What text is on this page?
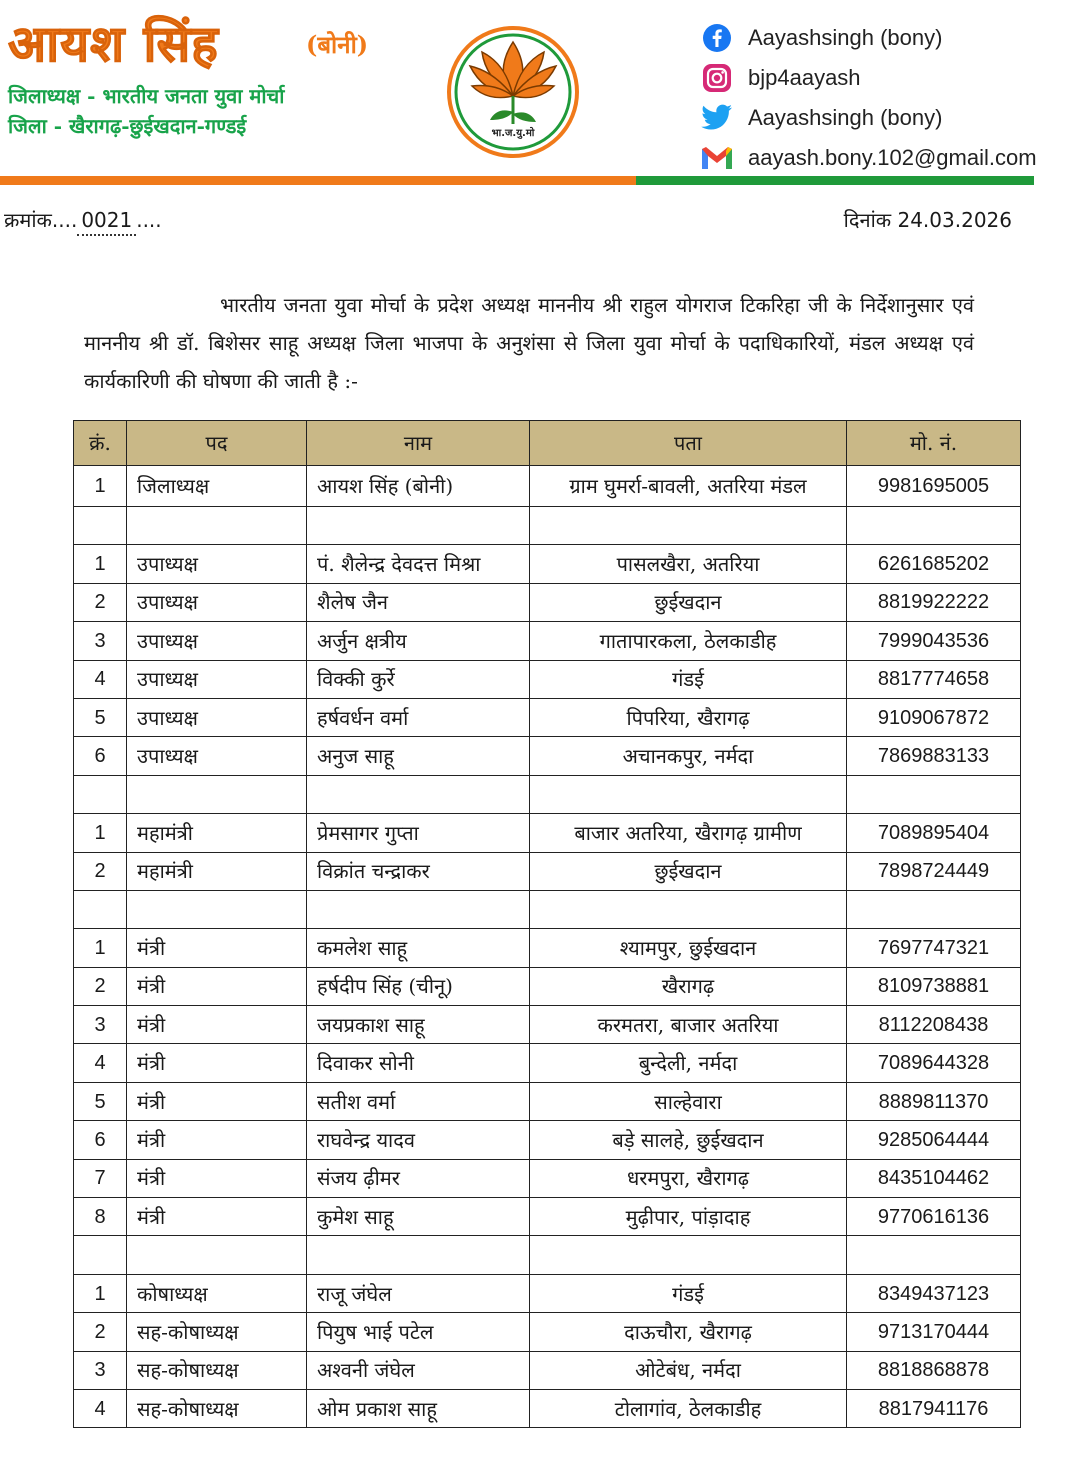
आयश सिंह	(बोनी)
जिलाध्यक्ष - भारतीय जनता युवा मोर्चा
जिला - खैरागढ़-छुईखदान-गण्डई	भा.ज.यु.मो
Aayashsingh (bony)
bjp4aayash
Aayashsingh (bony)
aayash.bony.102@gmail.com
क्रमांक.... 0021 ....	दिनांक 24.03.2026
भारतीय जनता युवा मोर्चा के प्रदेश अध्यक्ष माननीय श्री राहुल योगराज टिकरिहा जी के निर्देशानुसार एवं माननीय श्री डॉ. बिशेसर साहू अध्यक्ष जिला भाजपा के अनुशंसा से जिला युवा मोर्चा के पदाधिकारियों, मंडल अध्यक्ष एवं कार्यकारिणी की घोषणा की जाती है :-
क्रं.	पद	नाम	पता	मो. नं.
1	जिलाध्यक्ष	आयश सिंह (बोनी)	ग्राम घुमर्रा-बावली, अतरिया मंडल	9981695005

1	उपाध्यक्ष	पं. शैलेन्द्र देवदत्त मिश्रा	पासलखैरा, अतरिया	6261685202
2	उपाध्यक्ष	शैलेष जैन	छुईखदान	8819922222
3	उपाध्यक्ष	अर्जुन क्षत्रीय	गातापारकला, ठेलकाडीह	7999043536
4	उपाध्यक्ष	विक्की कुर्रे	गंडई	8817774658
5	उपाध्यक्ष	हर्षवर्धन वर्मा	पिपरिया, खैरागढ़	9109067872
6	उपाध्यक्ष	अनुज साहू	अचानकपुर, नर्मदा	7869883133

1	महामंत्री	प्रेमसागर गुप्ता	बाजार अतरिया, खैरागढ़ ग्रामीण	7089895404
2	महामंत्री	विक्रांत चन्द्राकर	छुईखदान	7898724449

1	मंत्री	कमलेश साहू	श्यामपुर, छुईखदान	7697747321
2	मंत्री	हर्षदीप सिंह (चीनू)	खैरागढ़	8109738881
3	मंत्री	जयप्रकाश साहू	करमतरा, बाजार अतरिया	8112208438
4	मंत्री	दिवाकर सोनी	बुन्देली, नर्मदा	7089644328
5	मंत्री	सतीश वर्मा	साल्हेवारा	8889811370
6	मंत्री	राघवेन्द्र यादव	बड़े सालहे, छुईखदान	9285064444
7	मंत्री	संजय ढ़ीमर	धरमपुरा, खैरागढ़	8435104462
8	मंत्री	कुमेश साहू	मुढ़ीपार, पांड़ादाह	9770616136

1	कोषाध्यक्ष	राजू जंघेल	गंडई	8349437123
2	सह-कोषाध्यक्ष	पियुष भाई पटेल	दाऊचौरा, खैरागढ़	9713170444
3	सह-कोषाध्यक्ष	अश्वनी जंघेल	ओटेबंध, नर्मदा	8818868878
4	सह-कोषाध्यक्ष	ओम प्रकाश साहू	टोलागांव, ठेलकाडीह	8817941176
